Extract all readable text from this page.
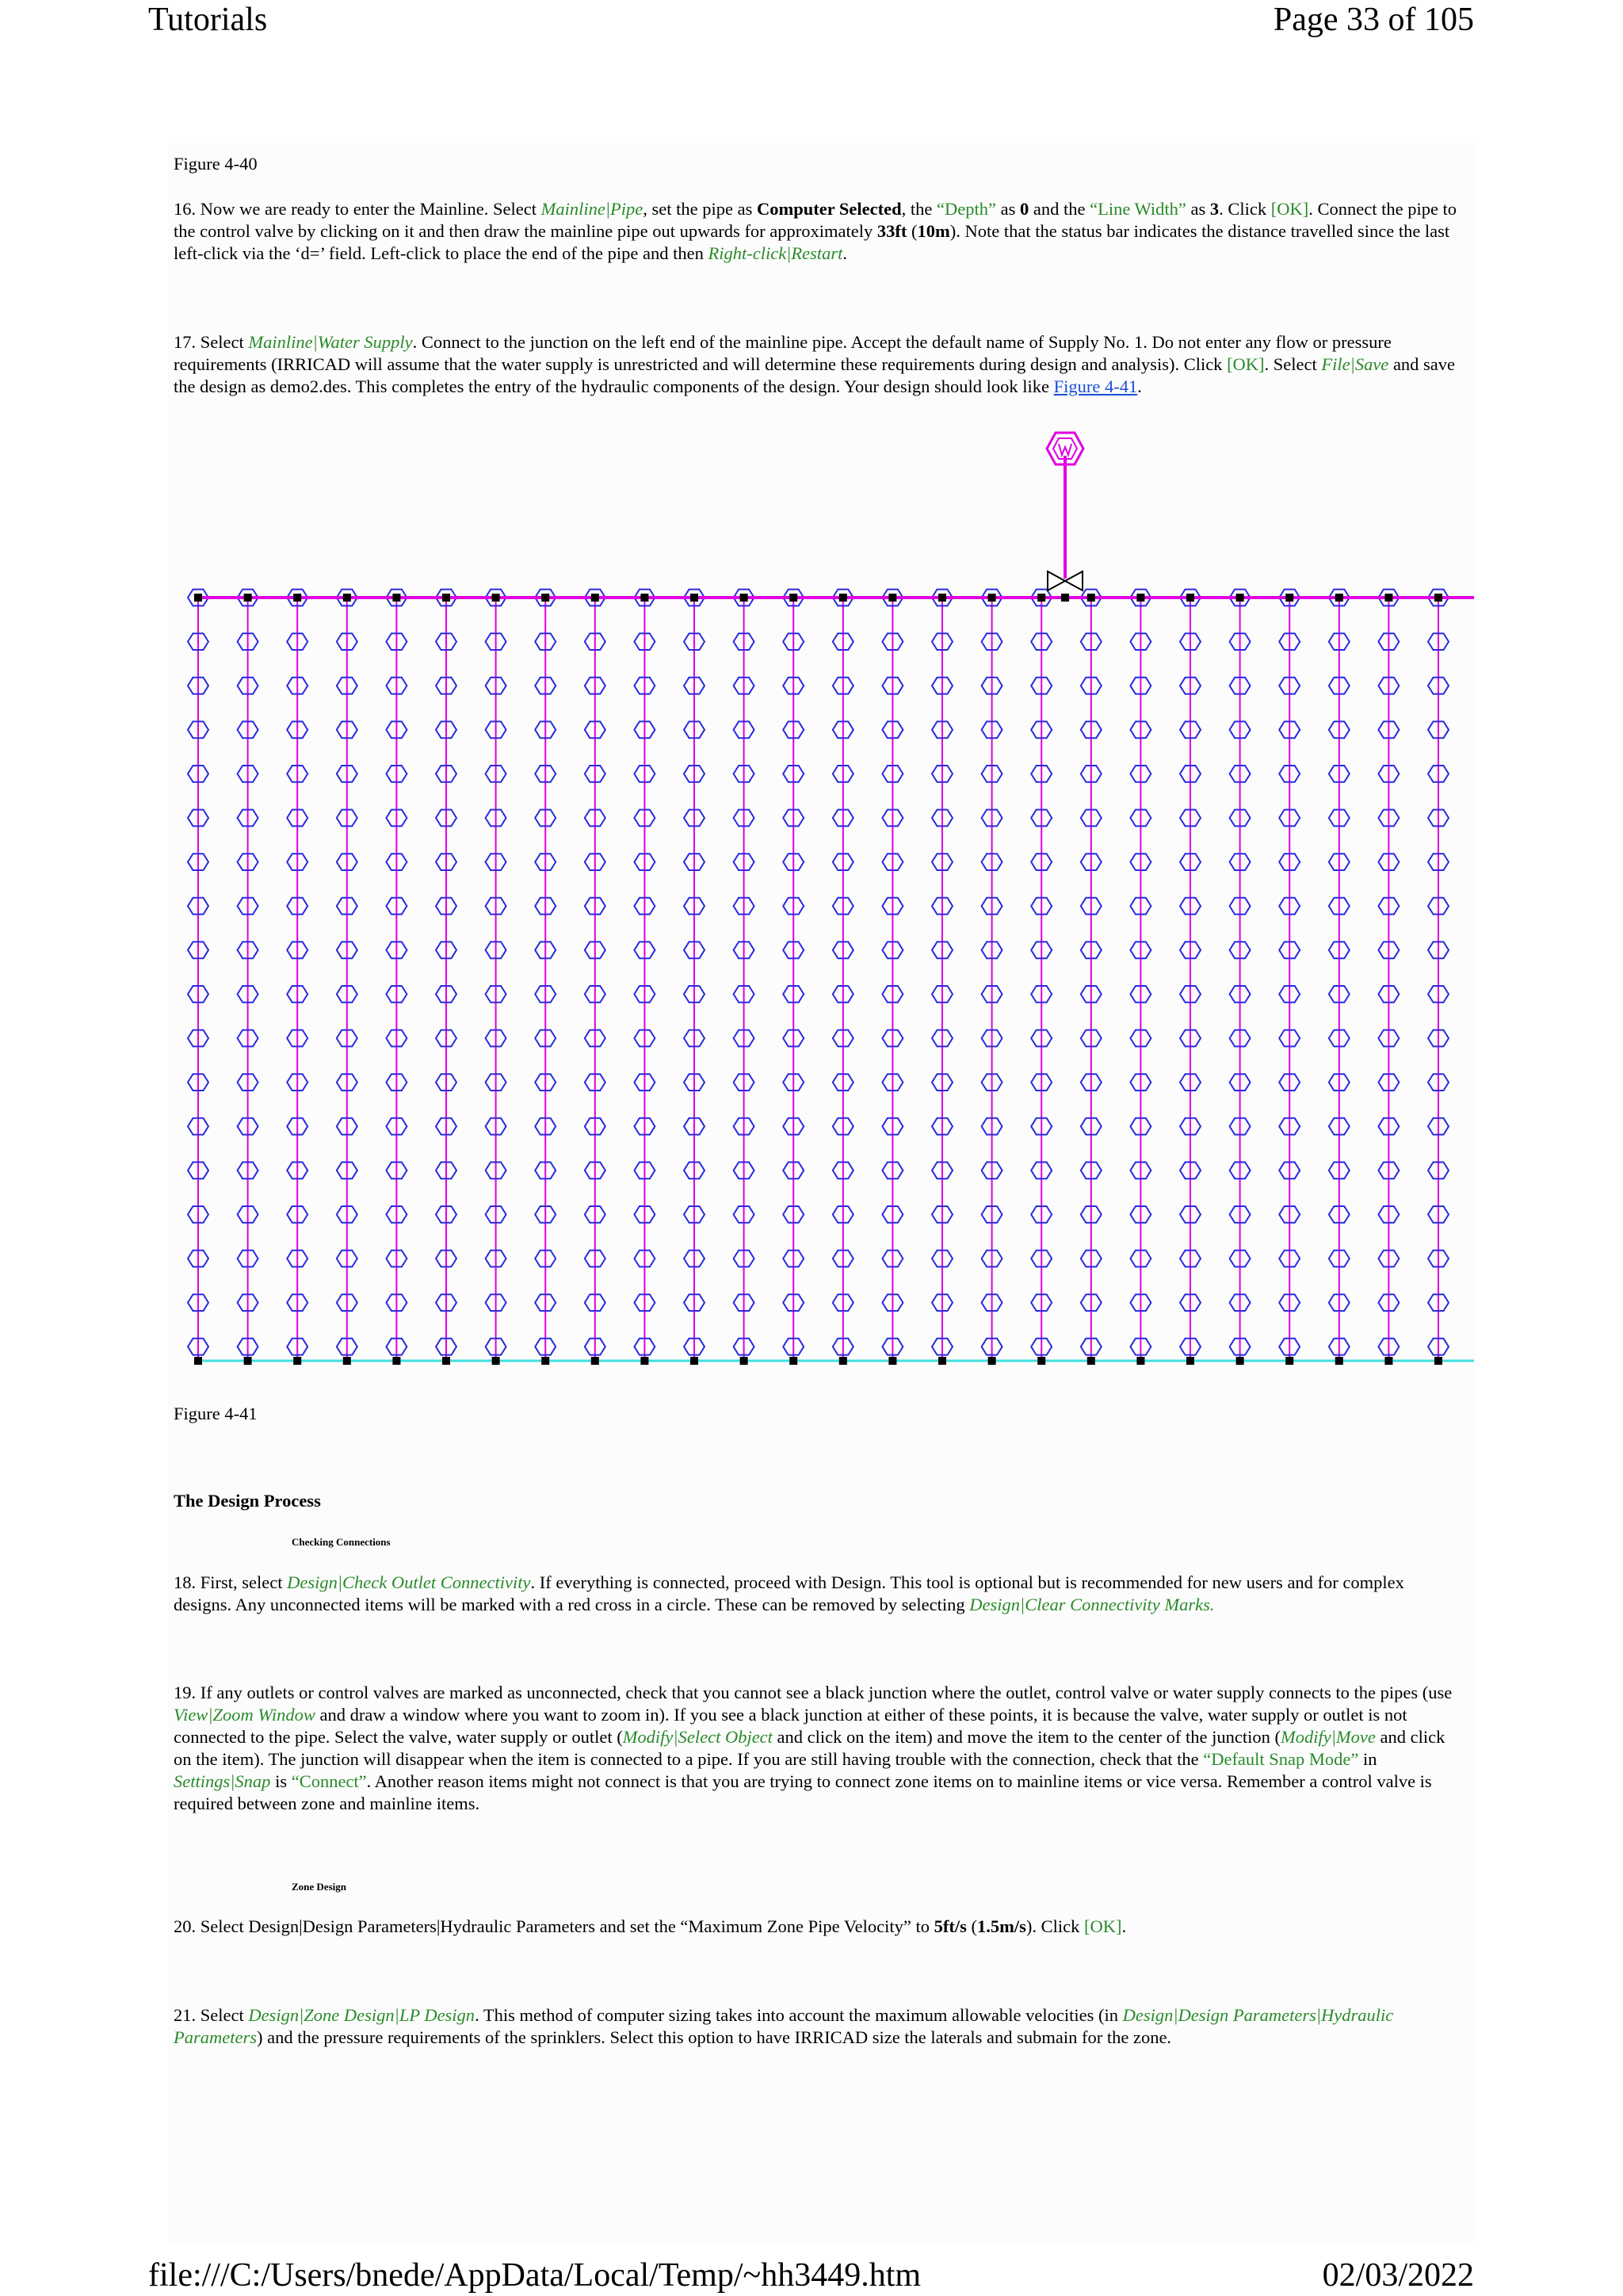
Tutorials	Page 33 of 105
Figure 4-40
16. Now we are ready to enter the Mainline. Select Mainline|Pipe, set the pipe as Computer Selected, the “Depth” as 0 and the “Line Width” as 3. Click [OK]. Connect the pipe to the control valve by clicking on it and then draw the mainline pipe out upwards for approximately 33ft (10m). Note that the status bar indicates the distance travelled since the last left-click via the ‘d=’ field. Left-click to place the end of the pipe and then Right-click|Restart.
17. Select Mainline|Water Supply. Connect to the junction on the left end of the mainline pipe. Accept the default name of Supply No. 1. Do not enter any flow or pressure requirements (IRRICAD will assume that the water supply is unrestricted and will determine these requirements during design and analysis). Click [OK]. Select File|Save and save the design as demo2.des. This completes the entry of the hydraulic components of the design. Your design should look like Figure 4-41.
Figure 4-41
The Design Process
Checking Connections
18. First, select Design|Check Outlet Connectivity. If everything is connected, proceed with Design. This tool is optional but is recommended for new users and for complex designs. Any unconnected items will be marked with a red cross in a circle. These can be removed by selecting Design|Clear Connectivity Marks.
19. If any outlets or control valves are marked as unconnected, check that you cannot see a black junction where the outlet, control valve or water supply connects to the pipes (use View|Zoom Window and draw a window where you want to zoom in). If you see a black junction at either of these points, it is because the valve, water supply or outlet is not connected to the pipe. Select the valve, water supply or outlet (Modify|Select Object and click on the item) and move the item to the center of the junction (Modify|Move and click on the item). The junction will disappear when the item is connected to a pipe. If you are still having trouble with the connection, check that the “Default Snap Mode” in Settings|Snap is “Connect”. Another reason items might not connect is that you are trying to connect zone items on to mainline items or vice versa. Remember a control valve is required between zone and mainline items.
Zone Design
20. Select Design|Design Parameters|Hydraulic Parameters and set the “Maximum Zone Pipe Velocity” to 5ft/s (1.5m/s). Click [OK].
21. Select Design|Zone Design|LP Design. This method of computer sizing takes into account the maximum allowable velocities (in Design|Design Parameters|Hydraulic Parameters) and the pressure requirements of the sprinklers. Select this option to have IRRICAD size the laterals and submain for the zone.
file:///C:/Users/bnede/AppData/Local/Temp/~hh3449.htm	02/03/2022
